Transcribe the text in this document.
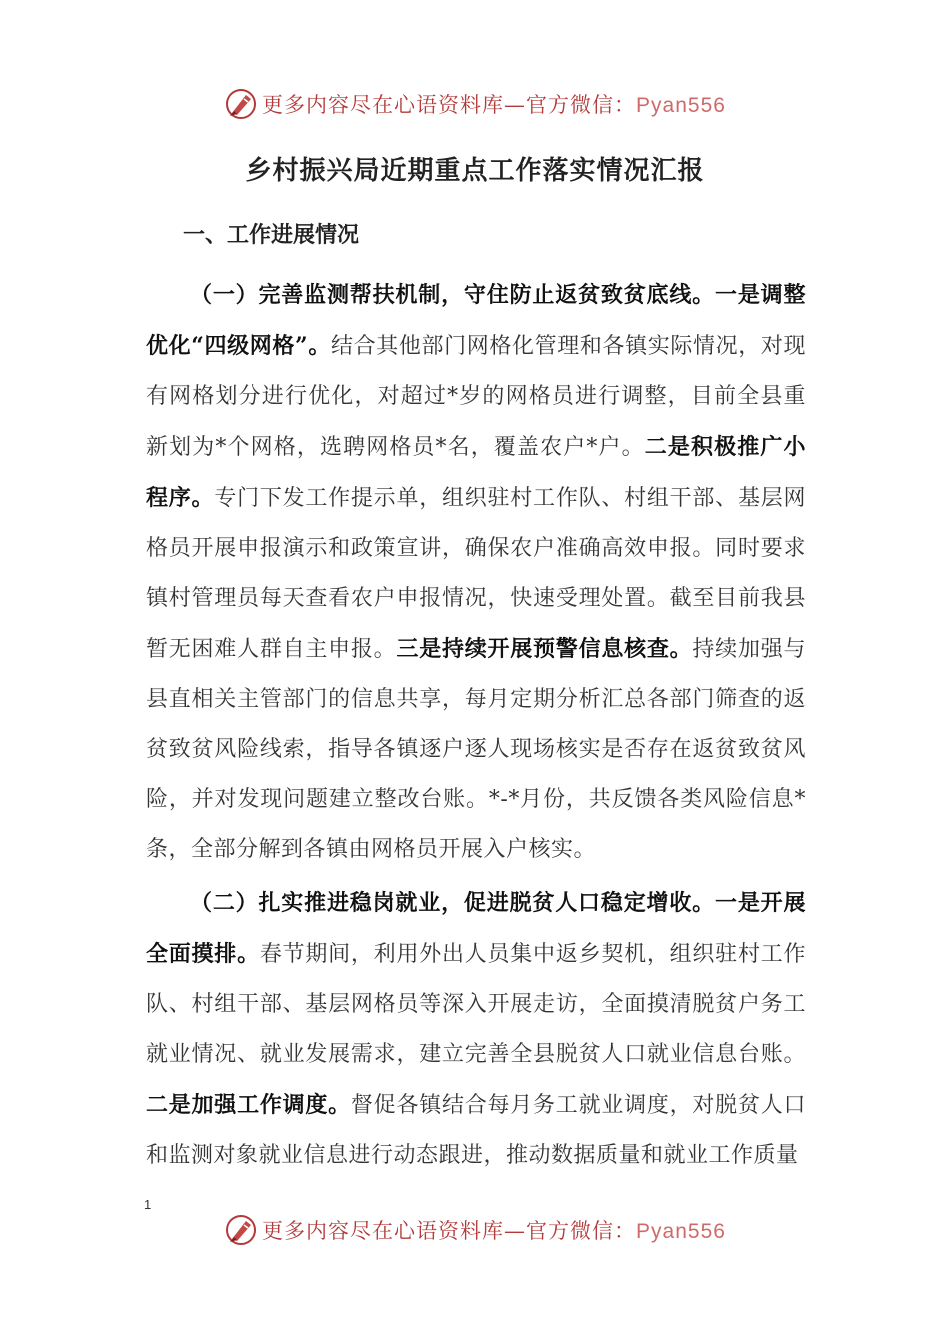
更多内容尽在心语资料库—官方微信：Pyan556
乡村振兴局近期重点工作落实情况汇报
一、工作进展情况

（一）完善监测帮扶机制，守住防止返贫致贫底线。一是调整优化“四级网格”。结合其他部门网格化管理和各镇实际情况，对现有网格划分进行优化，对超过*岁的网格员进行调整，目前全县重新划为*个网格，选聘网格员*名，覆盖农户*户。二是积极推广小程序。专门下发工作提示单，组织驻村工作队、村组干部、基层网格员开展申报演示和政策宣讲，确保农户准确高效申报。同时要求镇村管理员每天查看农户申报情况，快速受理处置。截至目前我县暂无困难人群自主申报。三是持续开展预警信息核查。持续加强与县直相关主管部门的信息共享，每月定期分析汇总各部门筛查的返贫致贫风险线索，指导各镇逐户逐人现场核实是否存在返贫致贫风险，并对发现问题建立整改台账。*-*月份，共反馈各类风险信息*条，全部分解到各镇由网格员开展入户核实。

（二）扎实推进稳岗就业，促进脱贫人口稳定增收。一是开展全面摸排。春节期间，利用外出人员集中返乡契机，组织驻村工作队、村组干部、基层网格员等深入开展走访，全面摸清脱贫户务工就业情况、就业发展需求，建立完善全县脱贫人口就业信息台账。二是加强工作调度。督促各镇结合每月务工就业调度，对脱贫人口和监测对象就业信息进行动态跟进，推动数据质量和就业工作质量

1
更多内容尽在心语资料库—官方微信：Pyan556
